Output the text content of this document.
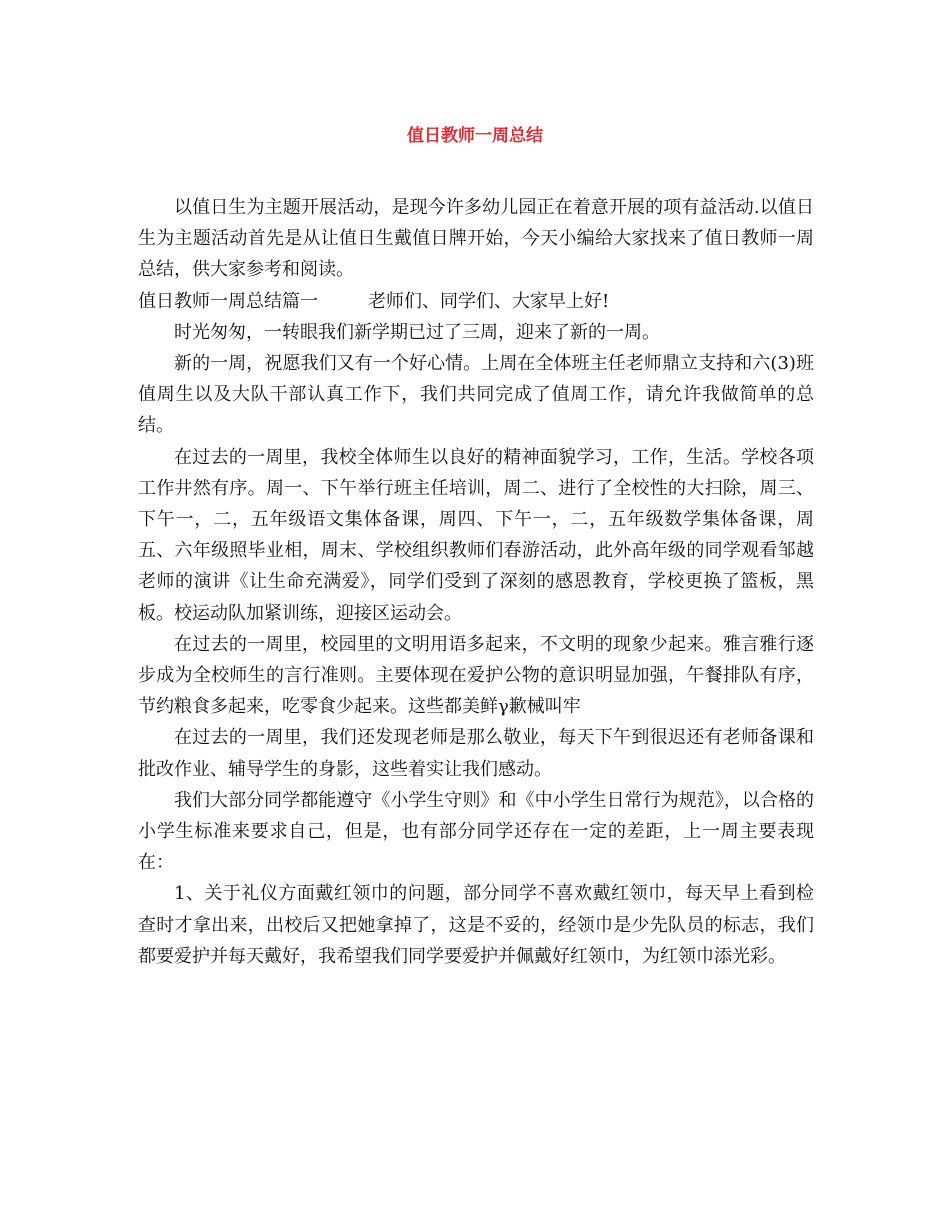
值日教师一周总结

以值日生为主题开展活动，是现今许多幼儿园正在着意开展的项有益活动.以值日生为主题活动首先是从让值日生戴值日牌开始，今天小编给大家找来了值日教师一周总结，供大家参考和阅读。

值日教师一周总结篇一	老师们、同学们、大家早上好!

时光匆匆，一转眼我们新学期已过了三周，迎来了新的一周。

新的一周，祝愿我们又有一个好心情。上周在全体班主任老师鼎立支持和六(3)班值周生以及大队干部认真工作下，我们共同完成了值周工作，请允许我做简单的总结。

在过去的一周里，我校全体师生以良好的精神面貌学习，工作，生活。学校各项工作井然有序。周一、下午举行班主任培训，周二、进行了全校性的大扫除，周三、下午一，二，五年级语文集体备课，周四、下午一，二，五年级数学集体备课，周五、六年级照毕业相，周末、学校组织教师们春游活动，此外高年级的同学观看邹越老师的演讲《让生命充满爱》，同学们受到了深刻的感恩教育，学校更换了篮板，黑板。校运动队加紧训练，迎接区运动会。

在过去的一周里，校园里的文明用语多起来，不文明的现象少起来。雅言雅行逐步成为全校师生的言行准则。主要体现在爱护公物的意识明显加强，午餐排队有序，节约粮食多起来，吃零食少起来。这些都美鲜γ歉械叫牢

在过去的一周里，我们还发现老师是那么敬业，每天下午到很迟还有老师备课和批改作业、辅导学生的身影，这些着实让我们感动。

我们大部分同学都能遵守《小学生守则》和《中小学生日常行为规范》，以合格的小学生标准来要求自己，但是，也有部分同学还存在一定的差距，上一周主要表现在：

1、关于礼仪方面戴红领巾的问题，部分同学不喜欢戴红领巾，每天早上看到检查时才拿出来，出校后又把她拿掉了，这是不妥的，经领巾是少先队员的标志，我们都要爱护并每天戴好，我希望我们同学要爱护并佩戴好红领巾，为红领巾添光彩。
